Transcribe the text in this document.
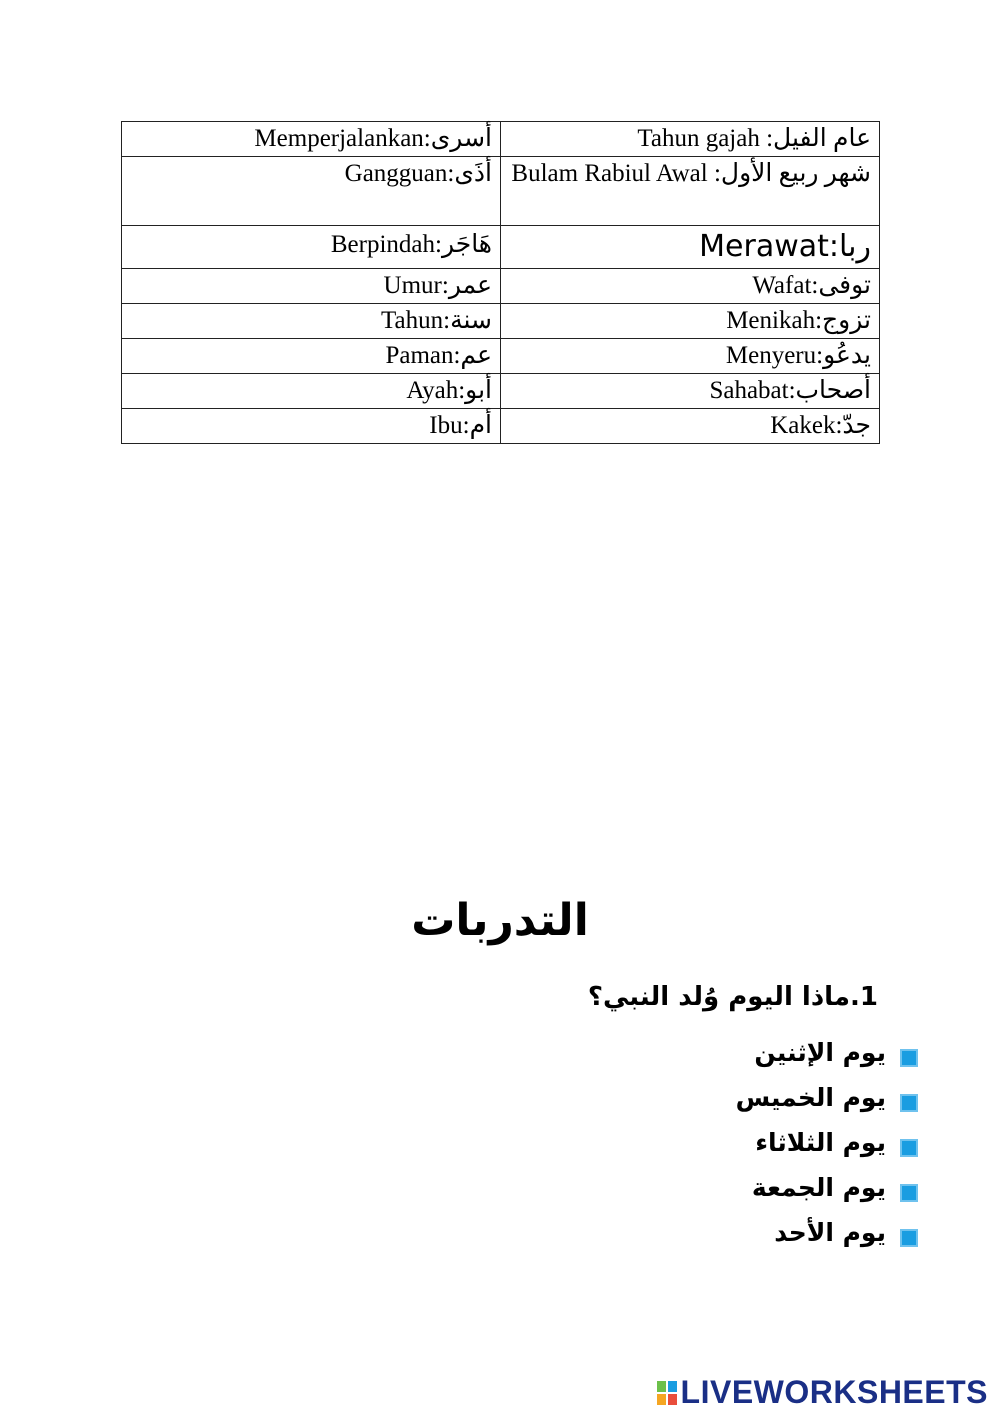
أسرى:Memperjalankan	عام الفيل: Tahun gajah
أذَى:Gangguan	شهر ربيع الأول: Bulam Rabiul Awal
هَاجَر:Berpindah	ربا:Merawat
عمر:Umur	توفى:Wafat
سنة:Tahun	تزوج:Menikah
عم:Paman	يدعُو:Menyeru
أبو:Ayah	أصحاب:Sahabat
أم:Ibu	جدّ:Kakek
التدربات
1.ماذا اليوم وُلد النبي؟
يوم الإثنين
يوم الخميس
يوم الثلاثاء
يوم الجمعة
يوم الأحد
LIVEWORKSHEETS
